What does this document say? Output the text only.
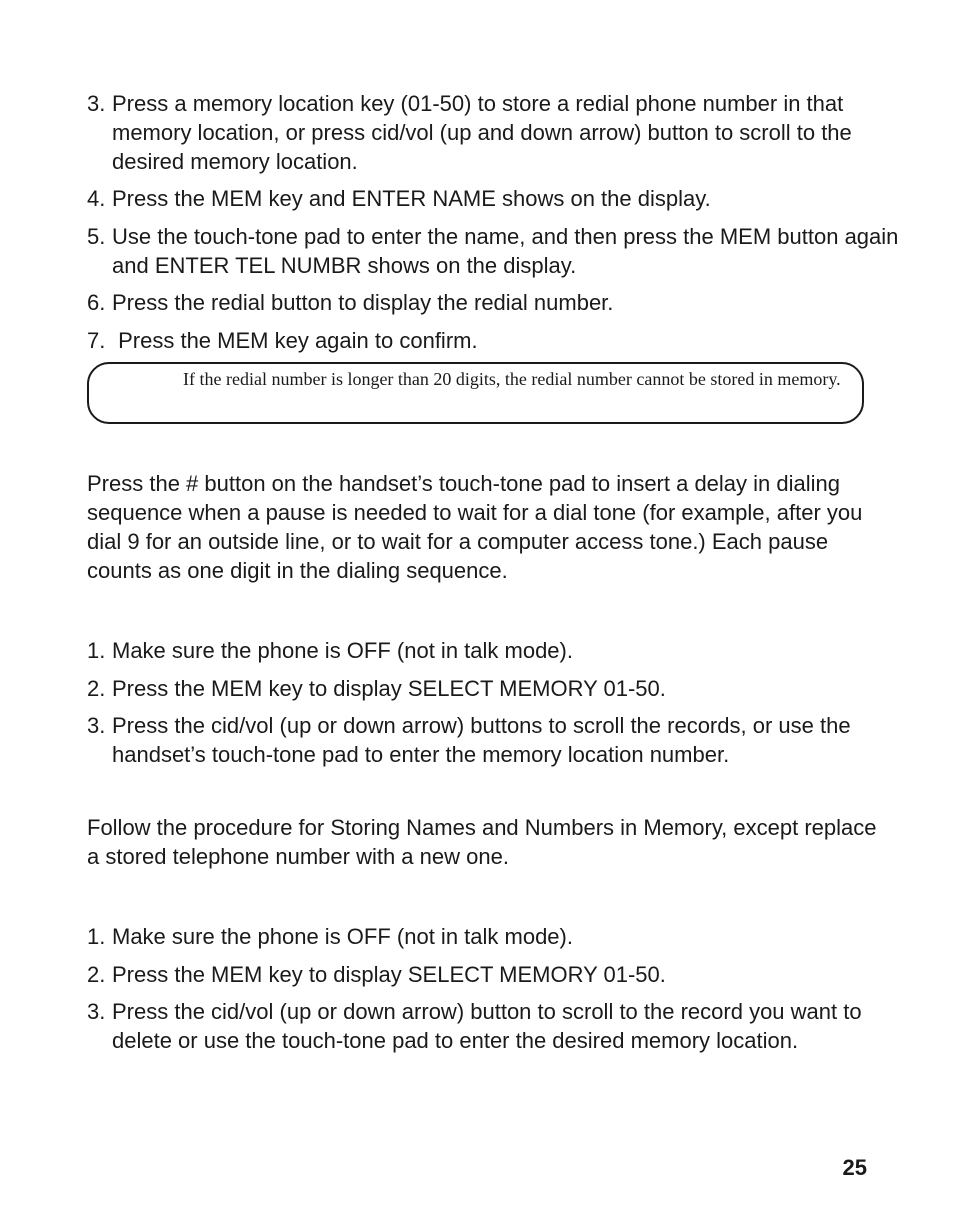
3. Press a memory location key (01-50) to store a redial phone number in that memory location, or press cid/vol (up and down arrow) button to scroll to the desired memory location.
4. Press the MEM key and ENTER NAME shows on the display.
5. Use the touch-tone pad to enter the name, and then press the MEM button again and ENTER TEL NUMBR shows on the display.
6. Press the redial button to display the redial number.
7. Press the MEM key again to confirm.
If the redial number is longer than 20 digits, the redial number cannot be stored in memory.
Press the # button on the handset’s touch-tone pad to insert a delay in dialing sequence when a pause is needed to wait for a dial tone (for example, after you dial 9 for an outside line, or to wait for a computer access tone.) Each pause counts as one digit in the dialing sequence.
1. Make sure the phone is OFF (not in talk mode).
2. Press the MEM key to display SELECT MEMORY 01-50.
3. Press the cid/vol (up or down arrow) buttons to scroll the records, or use the handset’s touch-tone pad to enter the memory location number.
Follow the procedure for Storing Names and Numbers in Memory, except replace a stored telephone number with a new one.
1. Make sure the phone is OFF (not in talk mode).
2. Press the MEM key to display SELECT MEMORY 01-50.
3. Press the cid/vol (up or down arrow) button to scroll to the record you want to delete or use the touch-tone pad to enter the desired memory location.
25
